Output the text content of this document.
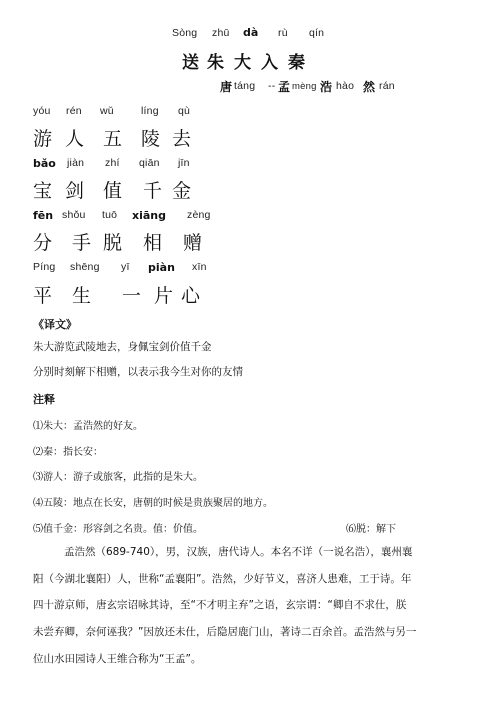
Sòng zhū dà rù qín
送 朱 大 入 秦
唐 táng -- 孟 mèng 浩 hào 然 rán
yóu rén wǔ	líng qù
游 人 五 陵 去
bǎo jiàn zhí qiān jīn
宝 剑 值 千 金
fēn shǒu tuō xiāng zèng
分 手 脱 相 赠
Píng shēng yī piàn xīn
平 生 一 片 心
《译文》
朱大游览武陵地去，身佩宝剑价值千金
分别时刻解下相赠，以表示我今生对你的友情
注释
⑴朱大：孟浩然的好友。
⑵秦：指长安：
⑶游人：游子或旅客，此指的是朱大。
⑷五陵：地点在长安，唐朝的时候是贵族聚居的地方。
⑸值千金：形容剑之名贵。值：价值。	⑹脱：解下
孟浩然（689-740），男，汉族，唐代诗人。本名不详（一说名浩），襄州襄
阳（今湖北襄阳）人，世称“孟襄阳”。浩然，少好节义，喜济人患难，工于诗。年
四十游京师，唐玄宗诏咏其诗，至“不才明主弃”之语，玄宗谓：“卿自不求仕，朕
未尝弃卿，奈何诬我？”因放还未仕，后隐居鹿门山，著诗二百余首。孟浩然与另一
位山水田园诗人王维合称为“王孟”。
